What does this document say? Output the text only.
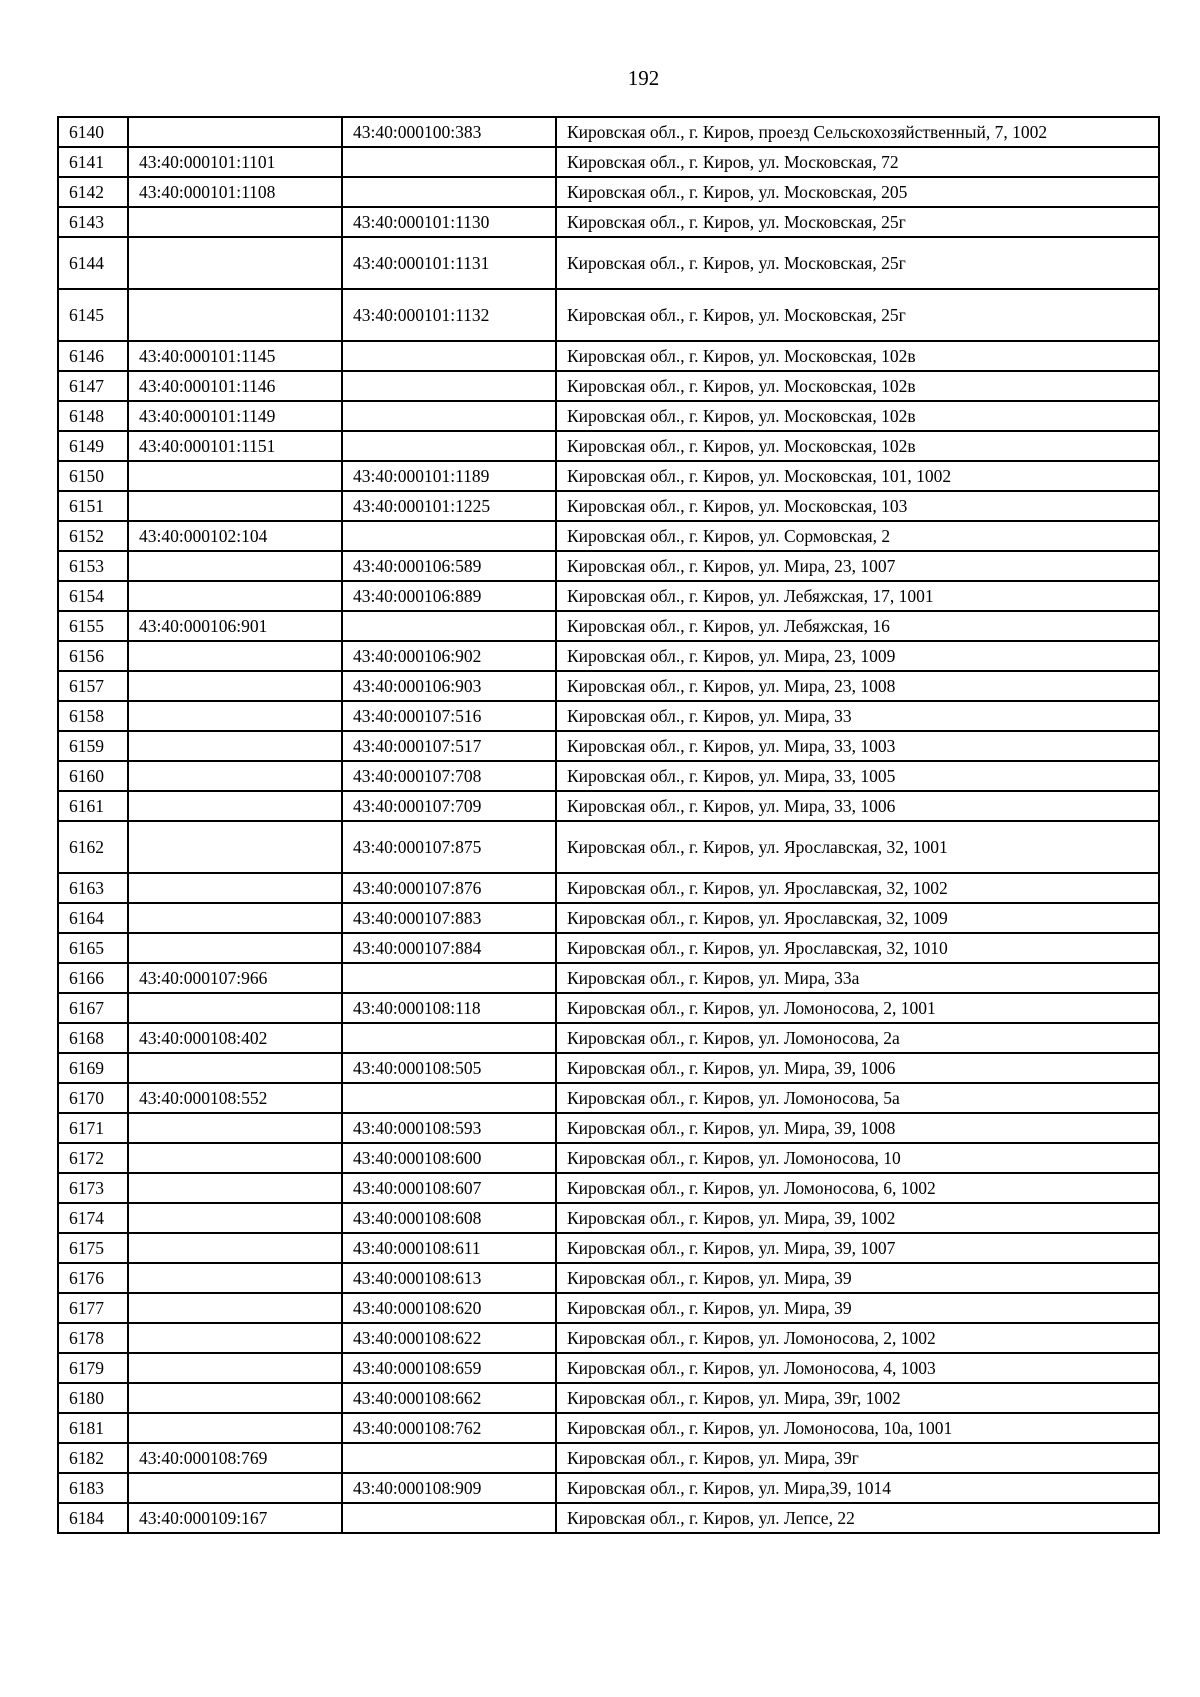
192
6140		43:40:000100:383	Кировская обл., г. Киров, проезд Сельскохозяйственный, 7, 1002
6141	43:40:000101:1101		Кировская обл., г. Киров, ул. Московская, 72
6142	43:40:000101:1108		Кировская обл., г. Киров, ул. Московская, 205
6143		43:40:000101:1130	Кировская обл., г. Киров, ул. Московская, 25г
6144		43:40:000101:1131	Кировская обл., г. Киров, ул. Московская, 25г
6145		43:40:000101:1132	Кировская обл., г. Киров, ул. Московская, 25г
6146	43:40:000101:1145		Кировская обл., г. Киров, ул. Московская, 102в
6147	43:40:000101:1146		Кировская обл., г. Киров, ул. Московская, 102в
6148	43:40:000101:1149		Кировская обл., г. Киров, ул. Московская, 102в
6149	43:40:000101:1151		Кировская обл., г. Киров, ул. Московская, 102в
6150		43:40:000101:1189	Кировская обл., г. Киров, ул. Московская, 101, 1002
6151		43:40:000101:1225	Кировская обл., г. Киров, ул. Московская, 103
6152	43:40:000102:104		Кировская обл., г. Киров, ул. Сормовская, 2
6153		43:40:000106:589	Кировская обл., г. Киров, ул. Мира, 23, 1007
6154		43:40:000106:889	Кировская обл., г. Киров, ул. Лебяжская, 17, 1001
6155	43:40:000106:901		Кировская обл., г. Киров, ул. Лебяжская, 16
6156		43:40:000106:902	Кировская обл., г. Киров, ул. Мира, 23, 1009
6157		43:40:000106:903	Кировская обл., г. Киров, ул. Мира, 23, 1008
6158		43:40:000107:516	Кировская обл., г. Киров, ул. Мира, 33
6159		43:40:000107:517	Кировская обл., г. Киров, ул. Мира, 33, 1003
6160		43:40:000107:708	Кировская обл., г. Киров, ул. Мира, 33, 1005
6161		43:40:000107:709	Кировская обл., г. Киров, ул. Мира, 33, 1006
6162		43:40:000107:875	Кировская обл., г. Киров, ул. Ярославская, 32, 1001
6163		43:40:000107:876	Кировская обл., г. Киров, ул. Ярославская, 32, 1002
6164		43:40:000107:883	Кировская обл., г. Киров, ул. Ярославская, 32, 1009
6165		43:40:000107:884	Кировская обл., г. Киров, ул. Ярославская, 32, 1010
6166	43:40:000107:966		Кировская обл., г. Киров, ул. Мира, 33а
6167		43:40:000108:118	Кировская обл., г. Киров, ул. Ломоносова, 2, 1001
6168	43:40:000108:402		Кировская обл., г. Киров, ул. Ломоносова, 2а
6169		43:40:000108:505	Кировская обл., г. Киров, ул. Мира, 39, 1006
6170	43:40:000108:552		Кировская обл., г. Киров, ул. Ломоносова, 5а
6171		43:40:000108:593	Кировская обл., г. Киров, ул. Мира, 39, 1008
6172		43:40:000108:600	Кировская обл., г. Киров, ул. Ломоносова, 10
6173		43:40:000108:607	Кировская обл., г. Киров, ул. Ломоносова, 6, 1002
6174		43:40:000108:608	Кировская обл., г. Киров, ул. Мира, 39, 1002
6175		43:40:000108:611	Кировская обл., г. Киров, ул. Мира, 39, 1007
6176		43:40:000108:613	Кировская обл., г. Киров, ул. Мира, 39
6177		43:40:000108:620	Кировская обл., г. Киров, ул. Мира, 39
6178		43:40:000108:622	Кировская обл., г. Киров, ул. Ломоносова, 2, 1002
6179		43:40:000108:659	Кировская обл., г. Киров, ул. Ломоносова, 4, 1003
6180		43:40:000108:662	Кировская обл., г. Киров, ул. Мира, 39г, 1002
6181		43:40:000108:762	Кировская обл., г. Киров, ул. Ломоносова, 10а, 1001
6182	43:40:000108:769		Кировская обл., г. Киров, ул. Мира, 39г
6183		43:40:000108:909	Кировская обл., г. Киров, ул. Мира,39, 1014
6184	43:40:000109:167		Кировская обл., г. Киров, ул. Лепсе, 22
